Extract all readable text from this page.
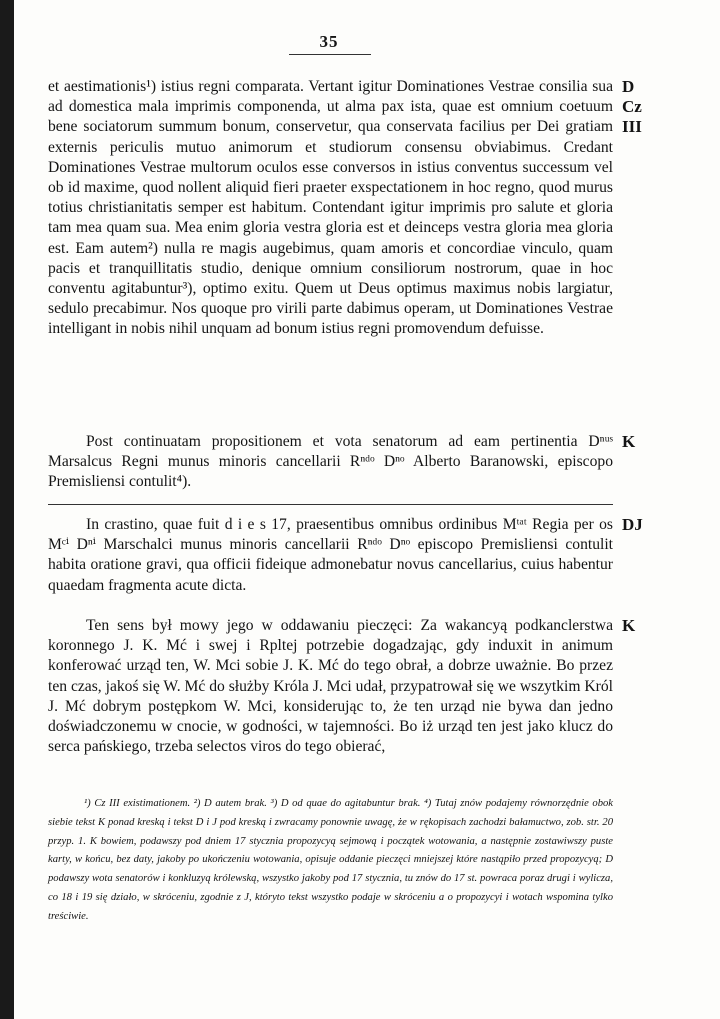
35

et aestimationis¹) istius regni comparata. Vertant igitur Dominationes Vestrae consilia sua ad domestica mala imprimis componenda, ut alma pax ista, quae est omnium coetuum bene sociatorum summum bonum, conservetur, qua conservata facilius per Dei gratiam externis periculis mutuo animorum et studiorum consensu obviabimus. Credant Dominationes Vestrae multorum oculos esse conversos in istius conventus successum vel ob id maxime, quod nollent aliquid fieri praeter exspectationem in hoc regno, quod murus totius christianitatis semper est habitum. Contendant igitur imprimis pro salute et gloria tam mea quam sua. Mea enim gloria vestra gloria est et deinceps vestra gloria mea gloria est. Eam autem²) nulla re magis augebimus, quam amoris et concordiae vinculo, quam pacis et tranquillitatis studio, denique omnium consiliorum nostrorum, quae in hoc conventu agitabuntur³), optimo exitu. Quem ut Deus optimus maximus nobis largiatur, sedulo precabimur. Nos quoque pro virili parte dabimus operam, ut Dominationes Vestrae intelligant in nobis nihil unquam ad bonum istius regni promovendum defuisse.

D
Cz
III

Post continuatam propositionem et vota senatorum ad eam pertinentia Dⁿᵘˢ Marsalcus Regni munus minoris cancellarii Rⁿᵈᵒ Dⁿᵒ Alberto Baranowski, episcopo Premisliensi contulit⁴).

K

In crastino, quae fuit d i e s 17, praesentibus omnibus ordinibus Mᵗᵃᵗ Regia per os Mᶜⁱ Dⁿⁱ Marschalci munus minoris cancellarii Rⁿᵈᵒ Dⁿᵒ episcopo Premisliensi contulit habita oratione gravi, qua officii fideique admonebatur novus cancellarius, cuius habentur quaedam fragmenta acute dicta.

DJ

Ten sens był mowy jego w oddawaniu pieczęci: Za wakancyą podkanclerstwa koronnego J. K. Mć i swej i Rpltej potrzebie dogadzając, gdy induxit in animum konferować urząd ten, W. Mci sobie J. K. Mć do tego obrał, a dobrze uważnie. Bo przez ten czas, jakoś się W. Mć do służby Króla J. Mci udał, przypatrował się we wszytkim Król J. Mć dobrym postępkom W. Mci, konsiderując to, że ten urząd nie bywa dan jedno doświadczonemu w cnocie, w godności, w tajemności. Bo iż urząd ten jest jako klucz do serca pańskiego, trzeba selectos viros do tego obierać,

K

¹) Cz III existimationem. ²) D autem brak. ³) D od quae do agitabuntur brak. ⁴) Tutaj znów podajemy równorzędnie obok siebie tekst K ponad kreską i tekst D i J pod kreską i zwracamy ponownie uwagę, że w rękopisach zachodzi bałamuctwo, zob. str. 20 przyp. 1. K bowiem, podawszy pod dniem 17 stycznia propozycyą sejmową i początek wotowania, a następnie zostawiwszy puste karty, w końcu, bez daty, jakoby po ukończeniu wotowania, opisuje oddanie pieczęci mniejszej które nastąpiło przed propozycyą; D podawszy wota senatorów i konkluzyą królewską, wszystko jakoby pod 17 stycznia, tu znów do 17 st. powraca poraz drugi i wylicza, co 18 i 19 się działo, w skróceniu, zgodnie z J, któryto tekst wszystko podaje w skróceniu a o propozycyi i wotach wspomina tylko treściwie.
